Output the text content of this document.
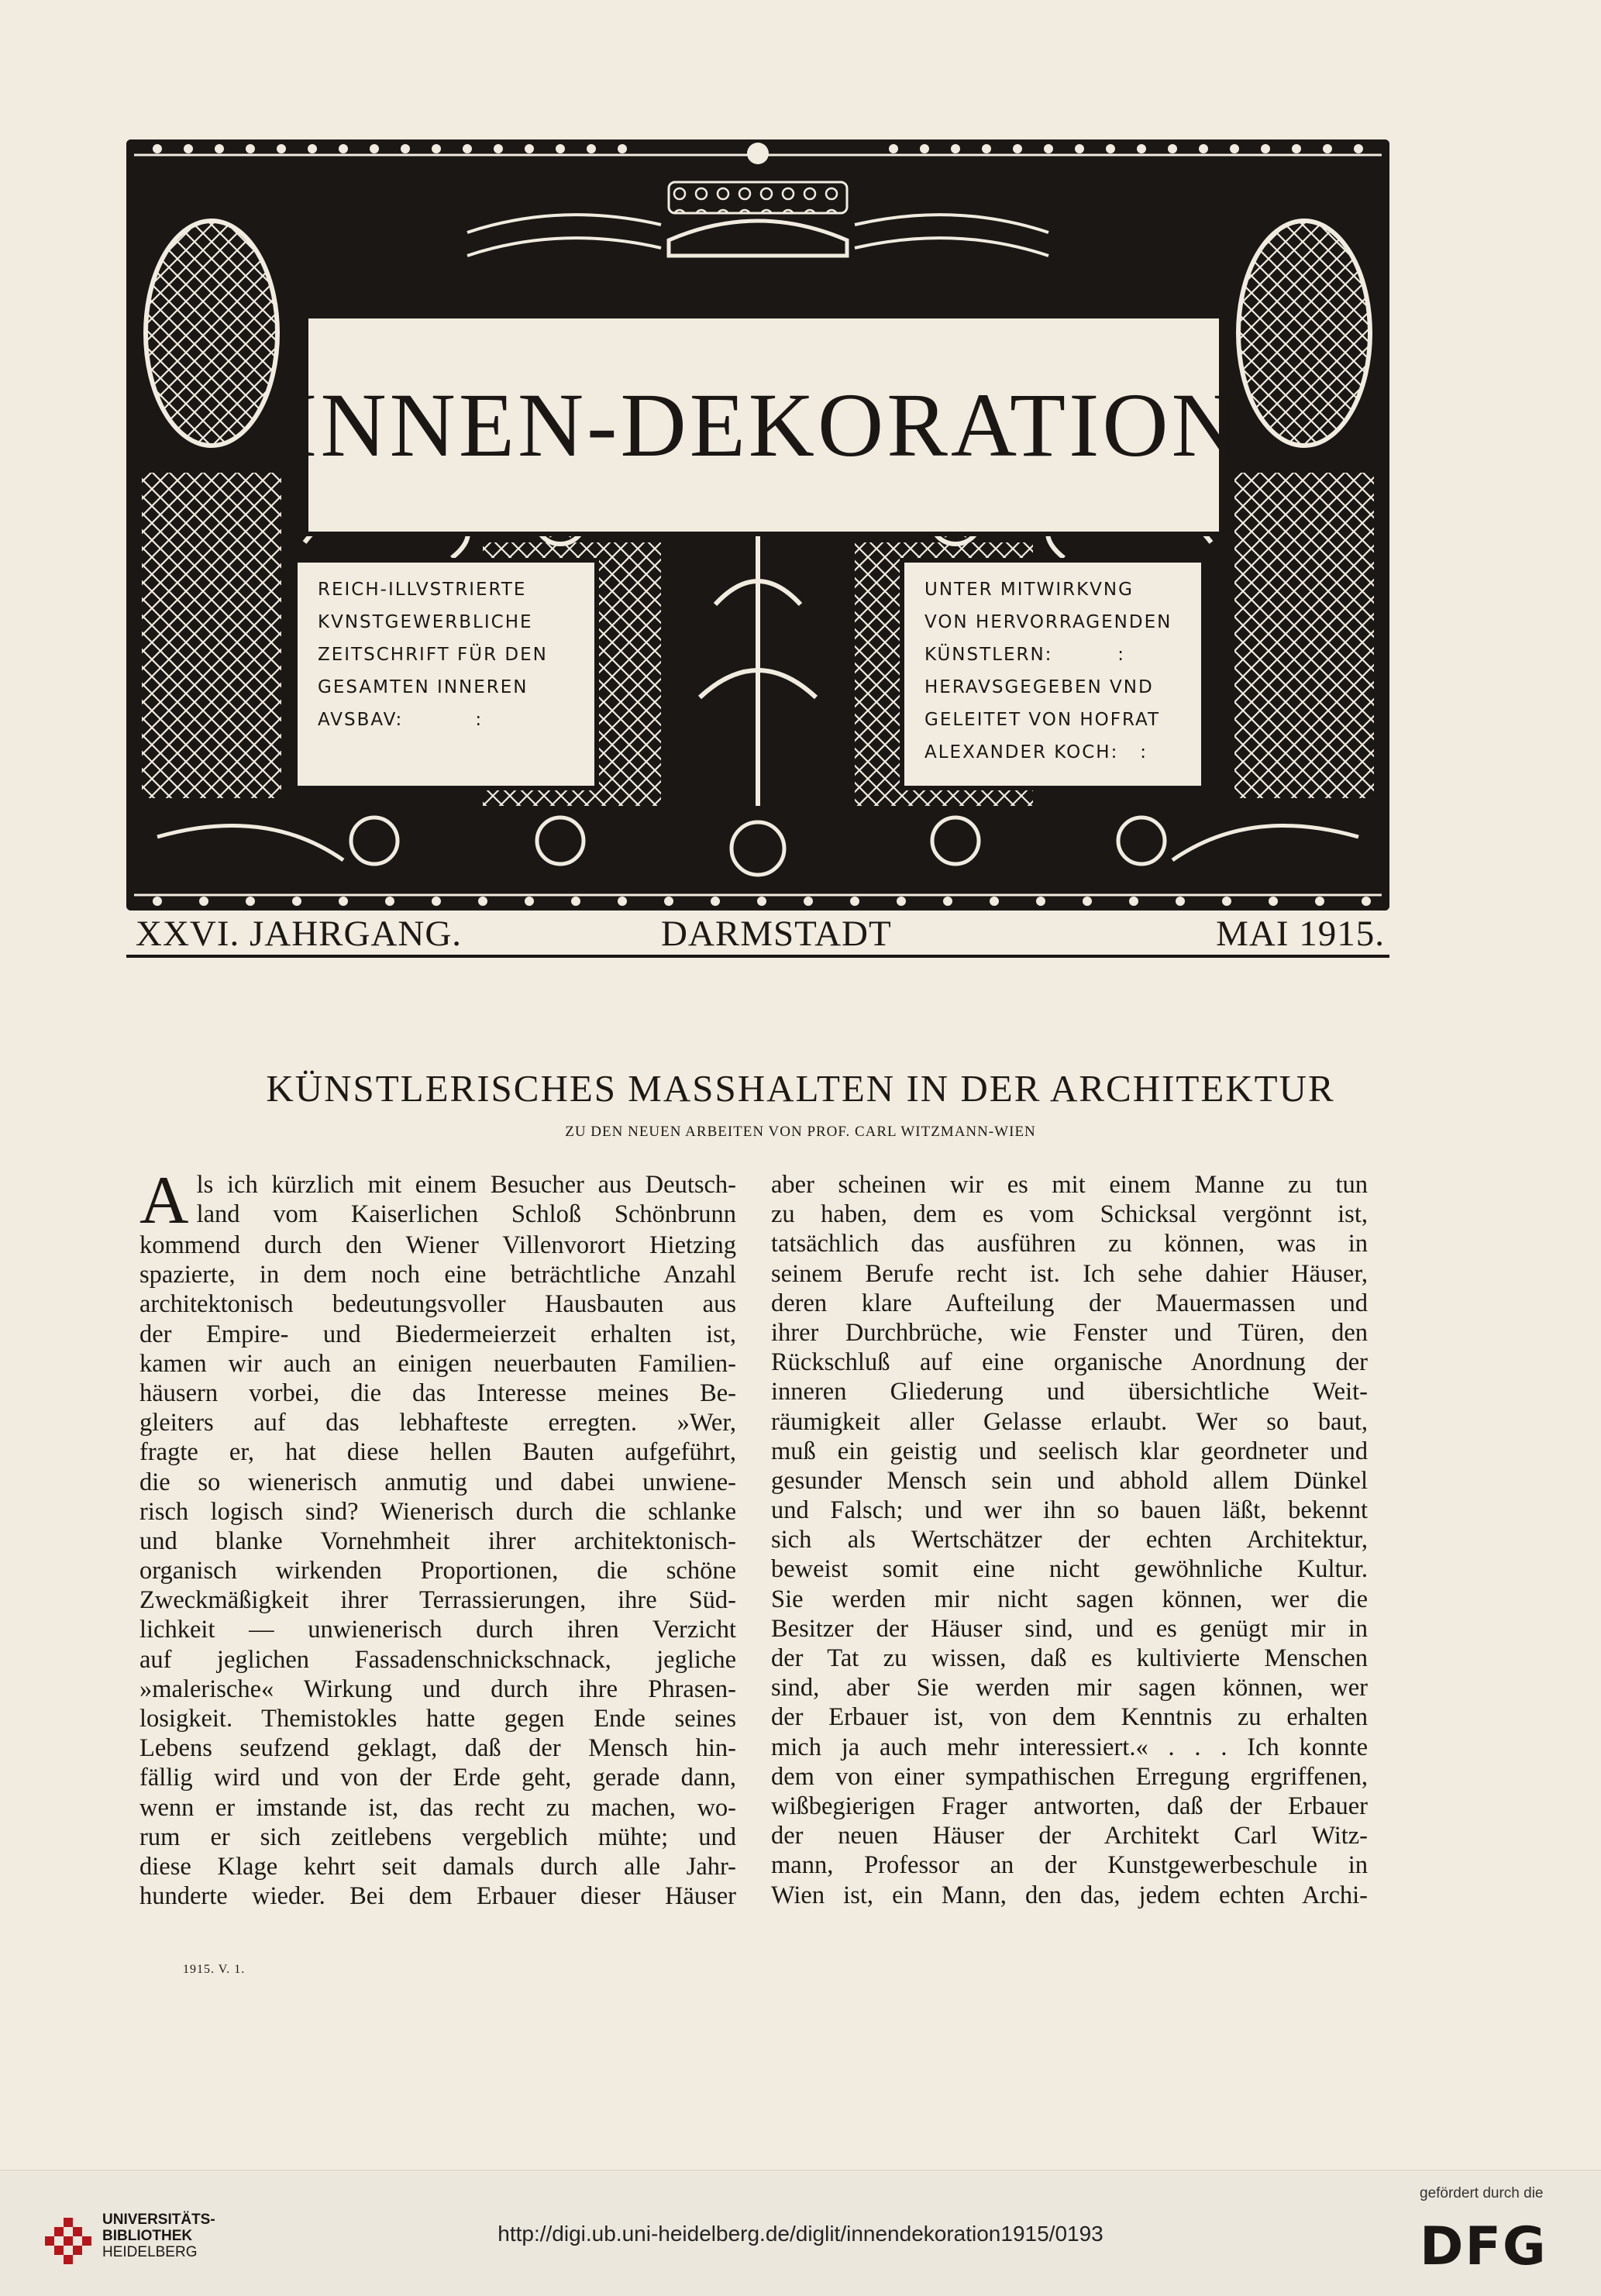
INNEN-DEKORATION
REICH-ILLVSTRIERTE
KVNSTGEWERBLICHE
ZEITSCHRIFT FÜR DEN
GESAMTEN INNEREN
AVSBAV:          :
UNTER MITWIRKVNG
VON HERVORRAGENDEN
KÜNSTLERN:         :
HERAVSGEGEBEN VND
GELEITET VON HOFRAT
ALEXANDER KOCH:   :
XXVI. JAHRGANG.	DARMSTADT	MAI 1915.
KÜNSTLERISCHES MASSHALTEN IN DER ARCHITEKTUR
ZU DEN NEUEN ARBEITEN VON PROF. CARL WITZMANN-WIEN
A ls ich kürzlich mit einem Besucher aus Deutsch-
land vom Kaiserlichen Schloß Schönbrunn
kommend durch den Wiener Villenvorort Hietzing
spazierte, in dem noch eine beträchtliche Anzahl
architektonisch bedeutungsvoller Hausbauten aus
der Empire- und Biedermeierzeit erhalten ist,
kamen wir auch an einigen neuerbauten Familien-
häusern vorbei, die das Interesse meines Be-
gleiters auf das lebhafteste erregten. »Wer,
fragte er, hat diese hellen Bauten aufgeführt,
die so wienerisch anmutig und dabei unwiene-
risch logisch sind? Wienerisch durch die schlanke
und blanke Vornehmheit ihrer architektonisch-
organisch wirkenden Proportionen, die schöne
Zweckmäßigkeit ihrer Terrassierungen, ihre Süd-
lichkeit — unwienerisch durch ihren Verzicht
auf jeglichen Fassadenschnickschnack, jegliche
»malerische« Wirkung und durch ihre Phrasen-
losigkeit. Themistokles hatte gegen Ende seines
Lebens seufzend geklagt, daß der Mensch hin-
fällig wird und von der Erde geht, gerade dann,
wenn er imstande ist, das recht zu machen, wo-
rum er sich zeitlebens vergeblich mühte; und
diese Klage kehrt seit damals durch alle Jahr-
hunderte wieder. Bei dem Erbauer dieser Häuser
aber scheinen wir es mit einem Manne zu tun
zu haben, dem es vom Schicksal vergönnt ist,
tatsächlich das ausführen zu können, was in
seinem Berufe recht ist. Ich sehe dahier Häuser,
deren klare Aufteilung der Mauermassen und
ihrer Durchbrüche, wie Fenster und Türen, den
Rückschluß auf eine organische Anordnung der
inneren Gliederung und übersichtliche Weit-
räumigkeit aller Gelasse erlaubt. Wer so baut,
muß ein geistig und seelisch klar geordneter und
gesunder Mensch sein und abhold allem Dünkel
und Falsch; und wer ihn so bauen läßt, bekennt
sich als Wertschätzer der echten Architektur,
beweist somit eine nicht gewöhnliche Kultur.
Sie werden mir nicht sagen können, wer die
Besitzer der Häuser sind, und es genügt mir in
der Tat zu wissen, daß es kultivierte Menschen
sind, aber Sie werden mir sagen können, wer
der Erbauer ist, von dem Kenntnis zu erhalten
mich ja auch mehr interessiert.« . . . Ich konnte
dem von einer sympathischen Erregung ergriffenen,
wißbegierigen Frager antworten, daß der Erbauer
der neuen Häuser der Architekt Carl Witz-
mann, Professor an der Kunstgewerbeschule in
Wien ist, ein Mann, den das, jedem echten Archi-
1915. V. 1.
UNIVERSITÄTS-
BIBLIOTHEK
HEIDELBERG
http://digi.ub.uni-heidelberg.de/diglit/innendekoration1915/0193
gefördert durch die
DFG
